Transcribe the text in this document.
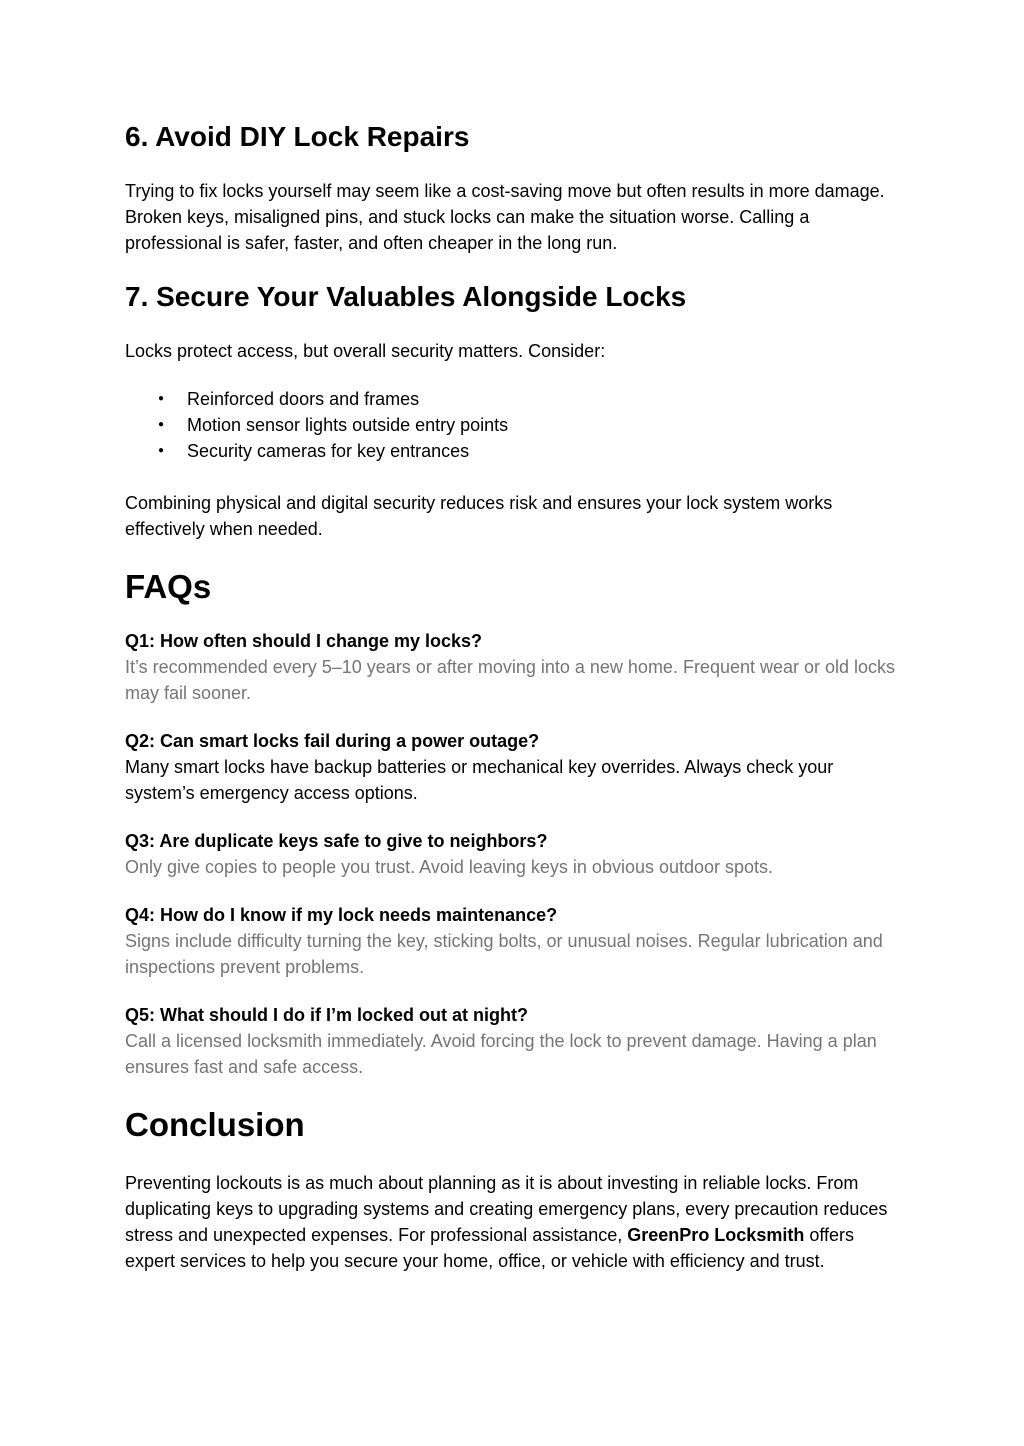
6. Avoid DIY Lock Repairs

Trying to fix locks yourself may seem like a cost-saving move but often results in more damage. Broken keys, misaligned pins, and stuck locks can make the situation worse. Calling a professional is safer, faster, and often cheaper in the long run.

7. Secure Your Valuables Alongside Locks

Locks protect access, but overall security matters. Consider:

● Reinforced doors and frames
● Motion sensor lights outside entry points
● Security cameras for key entrances

Combining physical and digital security reduces risk and ensures your lock system works effectively when needed.

FAQs

Q1: How often should I change my locks?

It’s recommended every 5–10 years or after moving into a new home. Frequent wear or old locks may fail sooner.

Q2: Can smart locks fail during a power outage?

Many smart locks have backup batteries or mechanical key overrides. Always check your system’s emergency access options.

Q3: Are duplicate keys safe to give to neighbors?

Only give copies to people you trust. Avoid leaving keys in obvious outdoor spots.

Q4: How do I know if my lock needs maintenance?

Signs include difficulty turning the key, sticking bolts, or unusual noises. Regular lubrication and inspections prevent problems.

Q5: What should I do if I’m locked out at night?

Call a licensed locksmith immediately. Avoid forcing the lock to prevent damage. Having a plan ensures fast and safe access.

Conclusion

Preventing lockouts is as much about planning as it is about investing in reliable locks. From duplicating keys to upgrading systems and creating emergency plans, every precaution reduces stress and unexpected expenses. For professional assistance, GreenPro Locksmith offers expert services to help you secure your home, office, or vehicle with efficiency and trust.
